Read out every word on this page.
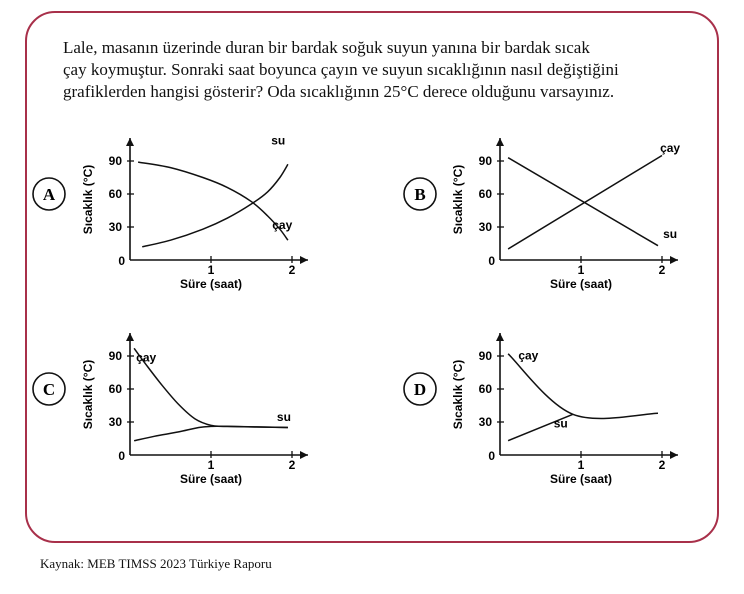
Lale, masanın üzerinde duran bir bardak soğuk suyun yanına bir bardak sıcak
çay koymuştur. Sonraki saat boyunca çayın ve suyun sıcaklığının nasıl değiştiğini
grafiklerden hangisi gösterir? Oda sıcaklığının 25°C derece olduğunu varsayınız.

A
0
30
60
90
1	2
Süre (saat)
Sıcaklık (°C)
su
çay
B
0
30
60
90
1	2
Süre (saat)
Sıcaklık (°C)
çay
su
C
0
30
60
90
1	2
Süre (saat)
Sıcaklık (°C)
çay
su
D
0
30
60
90
1	2
Süre (saat)
Sıcaklık (°C)
çay
su
Kaynak: MEB TIMSS 2023 Türkiye Raporu
